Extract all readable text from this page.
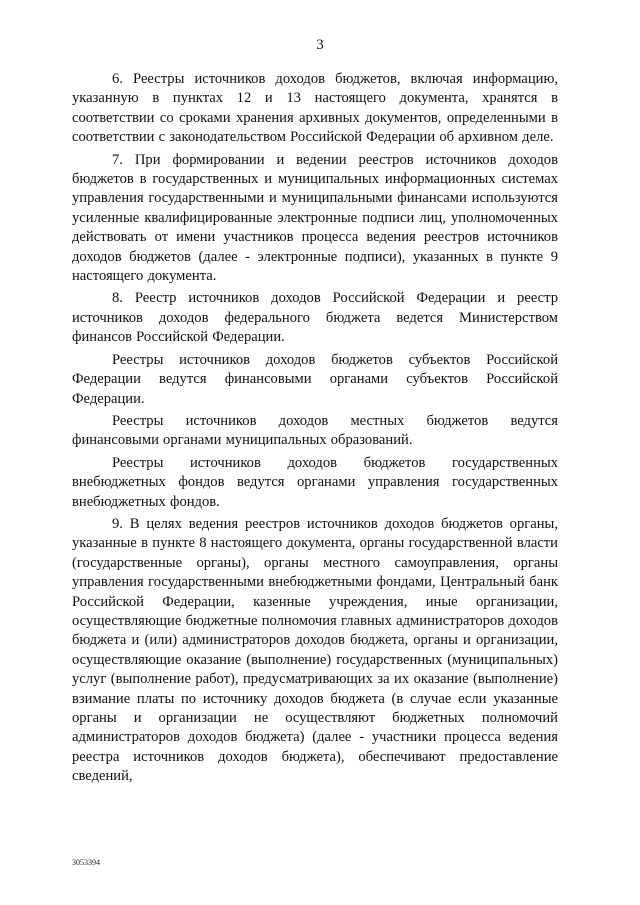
3

6. Реестры источников доходов бюджетов, включая информацию, указанную в пунктах 12 и 13 настоящего документа, хранятся в соответствии со сроками хранения архивных документов, определенными в соответствии с законодательством Российской Федерации об архивном деле.

7. При формировании и ведении реестров источников доходов бюджетов в государственных и муниципальных информационных системах управления государственными и муниципальными финансами используются усиленные квалифицированные электронные подписи лиц, уполномоченных действовать от имени участников процесса ведения реестров источников доходов бюджетов (далее - электронные подписи), указанных в пункте 9 настоящего документа.

8. Реестр источников доходов Российской Федерации и реестр источников доходов федерального бюджета ведется Министерством финансов Российской Федерации.

Реестры источников доходов бюджетов субъектов Российской Федерации ведутся финансовыми органами субъектов Российской Федерации.

Реестры источников доходов местных бюджетов ведутся финансовыми органами муниципальных образований.

Реестры источников доходов бюджетов государственных внебюджетных фондов ведутся органами управления государственных внебюджетных фондов.

9. В целях ведения реестров источников доходов бюджетов органы, указанные в пункте 8 настоящего документа, органы государственной власти (государственные органы), органы местного самоуправления, органы управления государственными внебюджетными фондами, Центральный банк Российской Федерации, казенные учреждения, иные организации, осуществляющие бюджетные полномочия главных администраторов доходов бюджета и (или) администраторов доходов бюджета, органы и организации, осуществляющие оказание (выполнение) государственных (муниципальных) услуг (выполнение работ), предусматривающих за их оказание (выполнение) взимание платы по источнику доходов бюджета (в случае если указанные органы и организации не осуществляют бюджетных полномочий администраторов доходов бюджета) (далее - участники процесса ведения реестра источников доходов бюджета), обеспечивают предоставление сведений,

3053394
